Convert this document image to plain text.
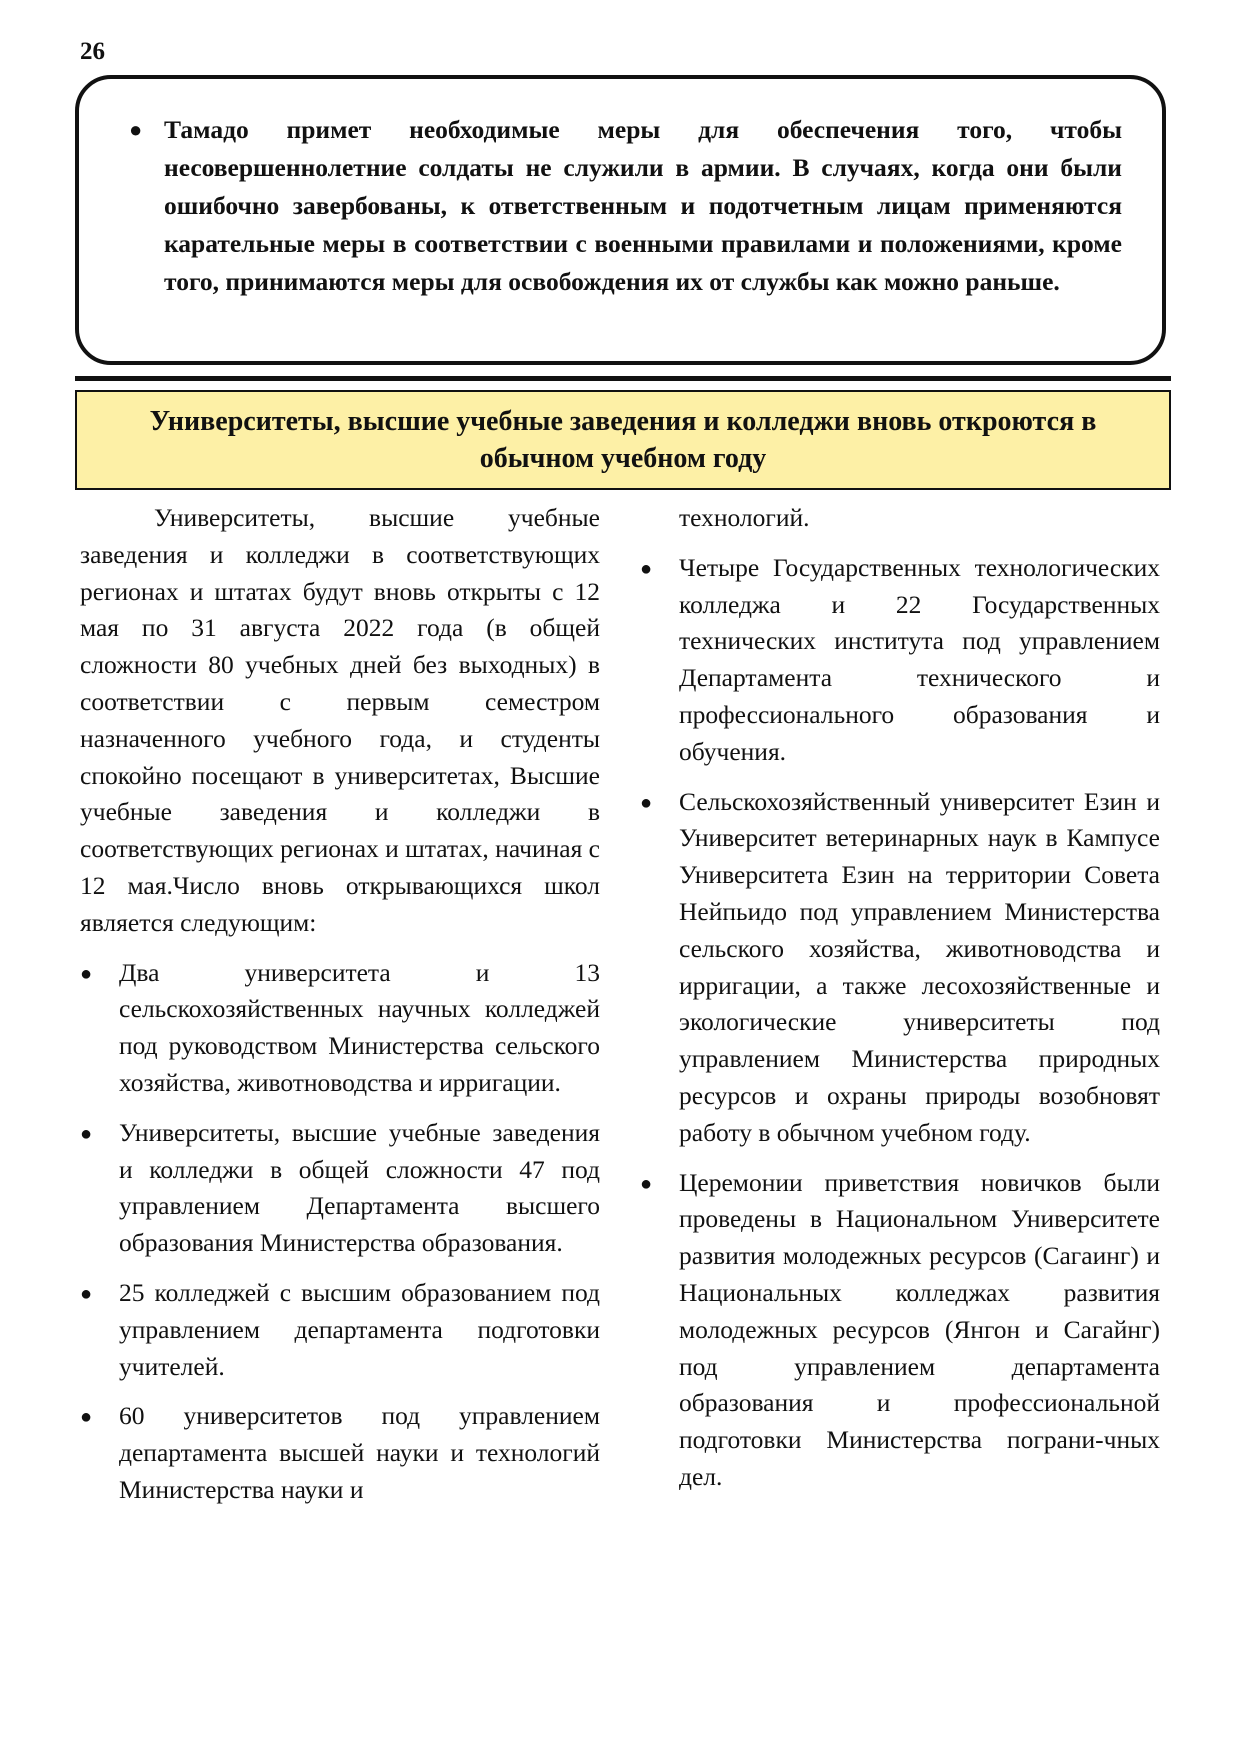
26
● Тамадо примет необходимые меры для обеспечения того, чтобы несовершеннолетние солдаты не служили в армии. В случаях, когда они были ошибочно завербованы, к ответственным и подотчетным лицам применяются карательные меры в соответствии с военными правилами и положениями, кроме того, принимаются меры для освобождения их от службы как можно раньше.
Университеты, высшие учебные заведения и колледжи вновь откроются в обычном учебном году

Университеты, высшие учебные заведения и колледжи в соответствующих регионах и штатах будут вновь открыты с 12 мая по 31 августа 2022 года (в общей сложности 80 учебных дней без выходных) в соответствии с первым семестром назначенного учебного года, и студенты спокойно посещают в университетах, Высшие учебные заведения и колледжи в соответствующих регионах и штатах, начиная с 12 мая.Число вновь открывающихся школ является следующим:

● Два университета и 13 сельскохозяйственных научных колледжей под руководством Министерства сельского хозяйства, животноводства и ирригации.
● Университеты, высшие учебные заведения и колледжи в общей сложности 47 под управлением Департамента высшего образования Министерства образования.
● 25 колледжей с высшим образованием под управлением департамента подготовки учителей.
● 60 университетов под управлением департамента высшей науки и технологий Министерства науки и

технологий.

● Четыре Государственных технологических колледжа и 22 Государственных технических института под управлением Департамента технического и профессионального образования и обучения.
● Сельскохозяйственный университет Езин и Университет ветеринарных наук в Кампусе Университета Езин на территории Совета Нейпьидо под управлением Министерства сельского хозяйства, животноводства и ирригации, а также лесохозяйственные и экологические университеты под управлением Министерства природных ресурсов и охраны природы возобновят работу в обычном учебном году.
● Церемонии приветствия новичков были проведены в Национальном Университете развития молодежных ресурсов (Сагаинг) и Национальных колледжах развития молодежных ресурсов (Янгон и Сагайнг) под управлением департамента образования и профессиональной подготовки Министерства пограни-чных дел.
